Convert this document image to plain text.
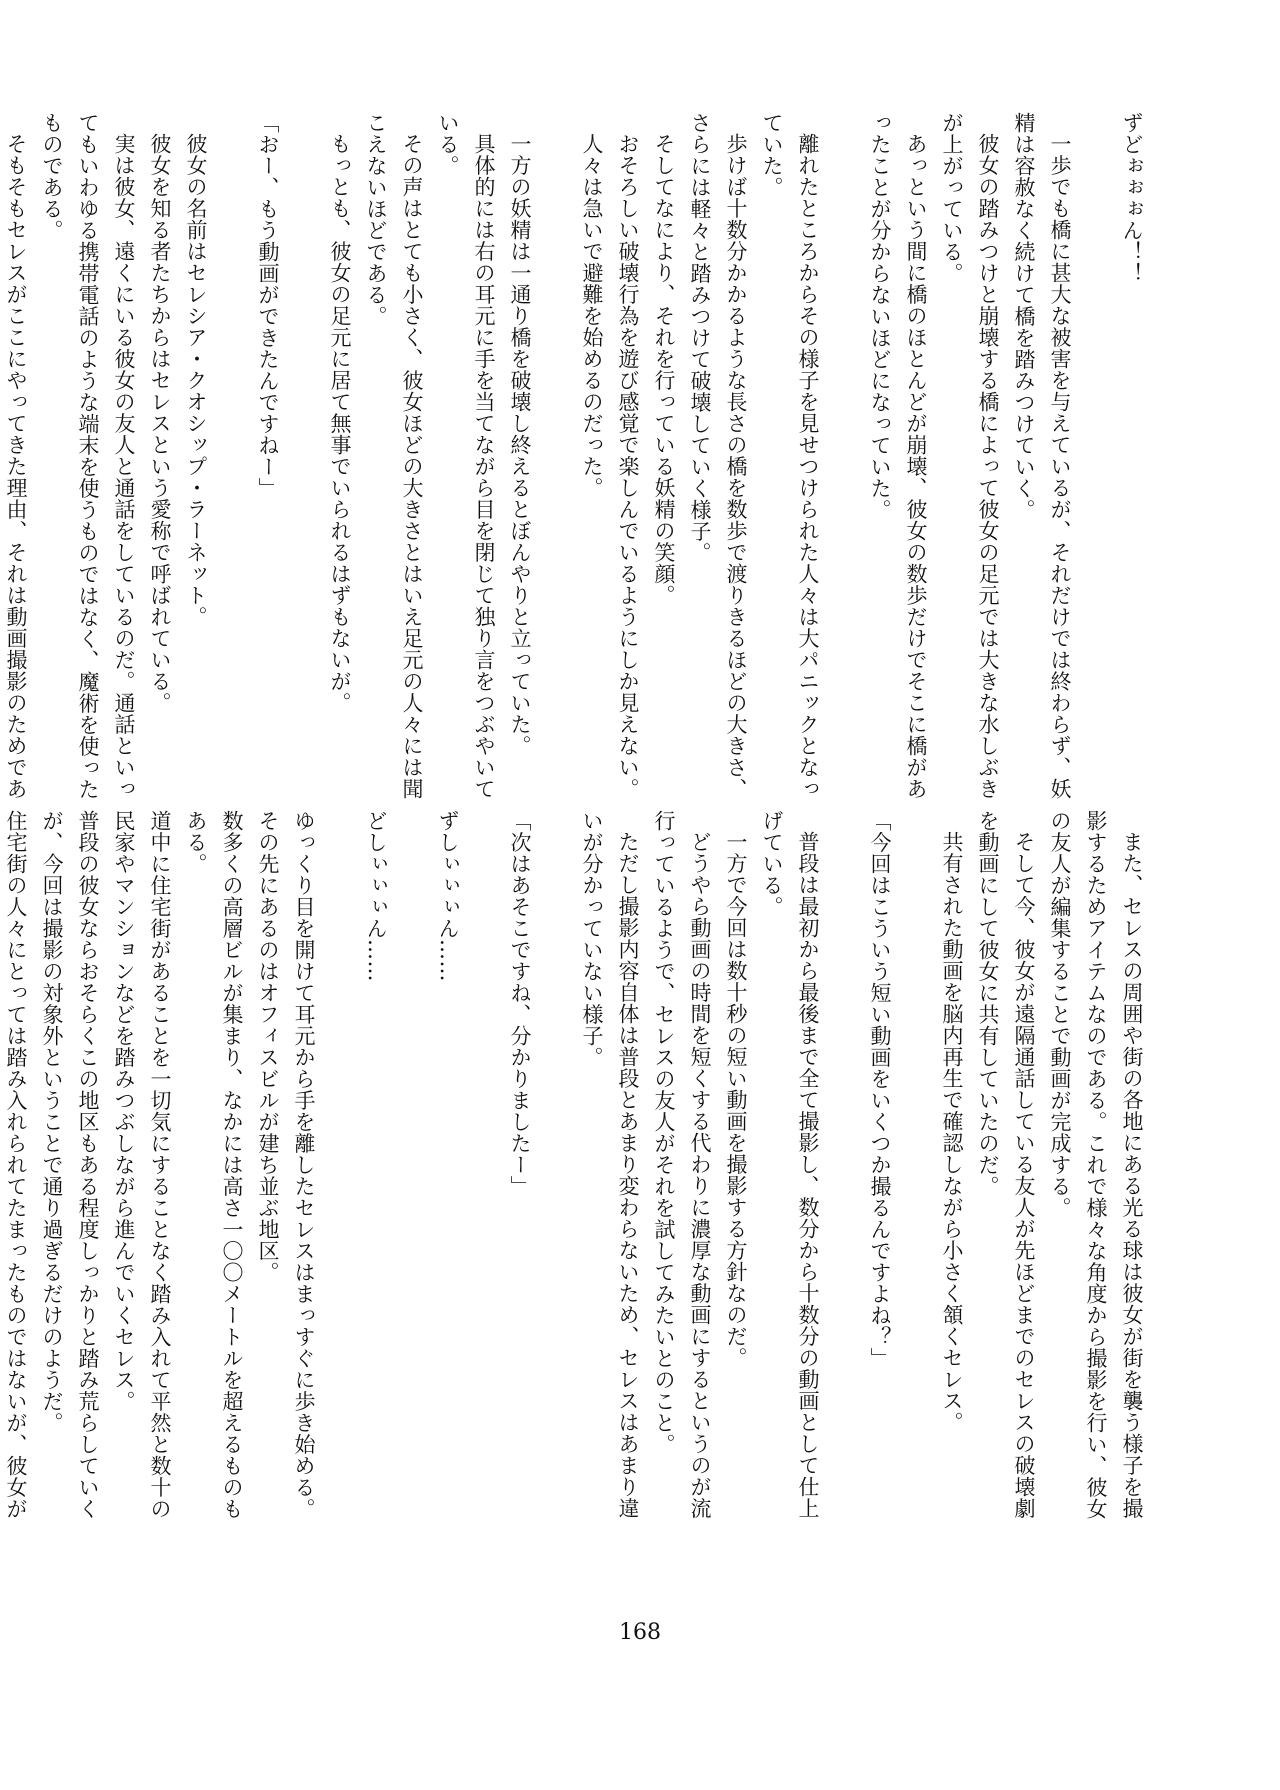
ずどぉぉぉん！！
一歩でも橋に甚大な被害を与えているが、それだけでは終わらず、妖精は容赦なく続けて橋を踏みつけていく。
彼女の踏みつけと崩壊する橋によって彼女の足元では大きな水しぶきが上がっている。
あっという間に橋のほとんどが崩壊、彼女の数歩だけでそこに橋があったことが分からないほどになっていた。
離れたところからその様子を見せつけられた人々は大パニックとなっていた。
歩けば十数分かかるような長さの橋を数歩で渡りきるほどの大きさ、さらには軽々と踏みつけて破壊していく様子。
そしてなにより、それを行っている妖精の笑顔。
おそろしい破壊行為を遊び感覚で楽しんでいるようにしか見えない。
人々は急いで避難を始めるのだった。
一方の妖精は一通り橋を破壊し終えるとぼんやりと立っていた。
具体的には右の耳元に手を当てながら目を閉じて独り言をつぶやいている。
その声はとても小さく、彼女ほどの大きさとはいえ足元の人々には聞こえないほどである。
もっとも、彼女の足元に居て無事でいられるはずもないが。
「おー、もう動画ができたんですねー」
彼女の名前はセレシア・クオシップ・ラーネット。
彼女を知る者たちからはセレスという愛称で呼ばれている。
実は彼女、遠くにいる彼女の友人と通話をしているのだ。通話といってもいわゆる携帯電話のような端末を使うものではなく、魔術を使ったものである。
そもそもセレスがここにやってきた理由、それは動画撮影のためであ
また、セレスの周囲や街の各地にある光る球は彼女が街を襲う様子を撮影するためアイテムなのである。これで様々な角度から撮影を行い、彼女の友人が編集することで動画が完成する。
そして今、彼女が遠隔通話している友人が先ほどまでのセレスの破壊劇を動画にして彼女に共有していたのだ。
共有された動画を脳内再生で確認しながら小さく頷くセレス。
「今回はこういう短い動画をいくつか撮るんですよね？」
普段は最初から最後まで全て撮影し、数分から十数分の動画として仕上げている。
一方で今回は数十秒の短い動画を撮影する方針なのだ。
どうやら動画の時間を短くする代わりに濃厚な動画にするというのが流行っているようで、セレスの友人がそれを試してみたいとのこと。
ただし撮影内容自体は普段とあまり変わらないため、セレスはあまり違いが分かっていない様子。
「次はあそこですね、分かりましたー」
ずしぃぃぃん……
どしぃぃぃん……
ゆっくり目を開けて耳元から手を離したセレスはまっすぐに歩き始める。
その先にあるのはオフィスビルが建ち並ぶ地区。
数多くの高層ビルが集まり、なかには高さ一〇〇メートルを超えるものもある。
道中に住宅街があることを一切気にすることなく踏み入れて平然と数十の民家やマンションなどを踏みつぶしながら進んでいくセレス。
普段の彼女ならおそらくこの地区もある程度しっかりと踏み荒らしていくが、今回は撮影の対象外ということで通り過ぎるだけのようだ。
住宅街の人々にとっては踏み入れられてたまったものではないが、彼女が
168
